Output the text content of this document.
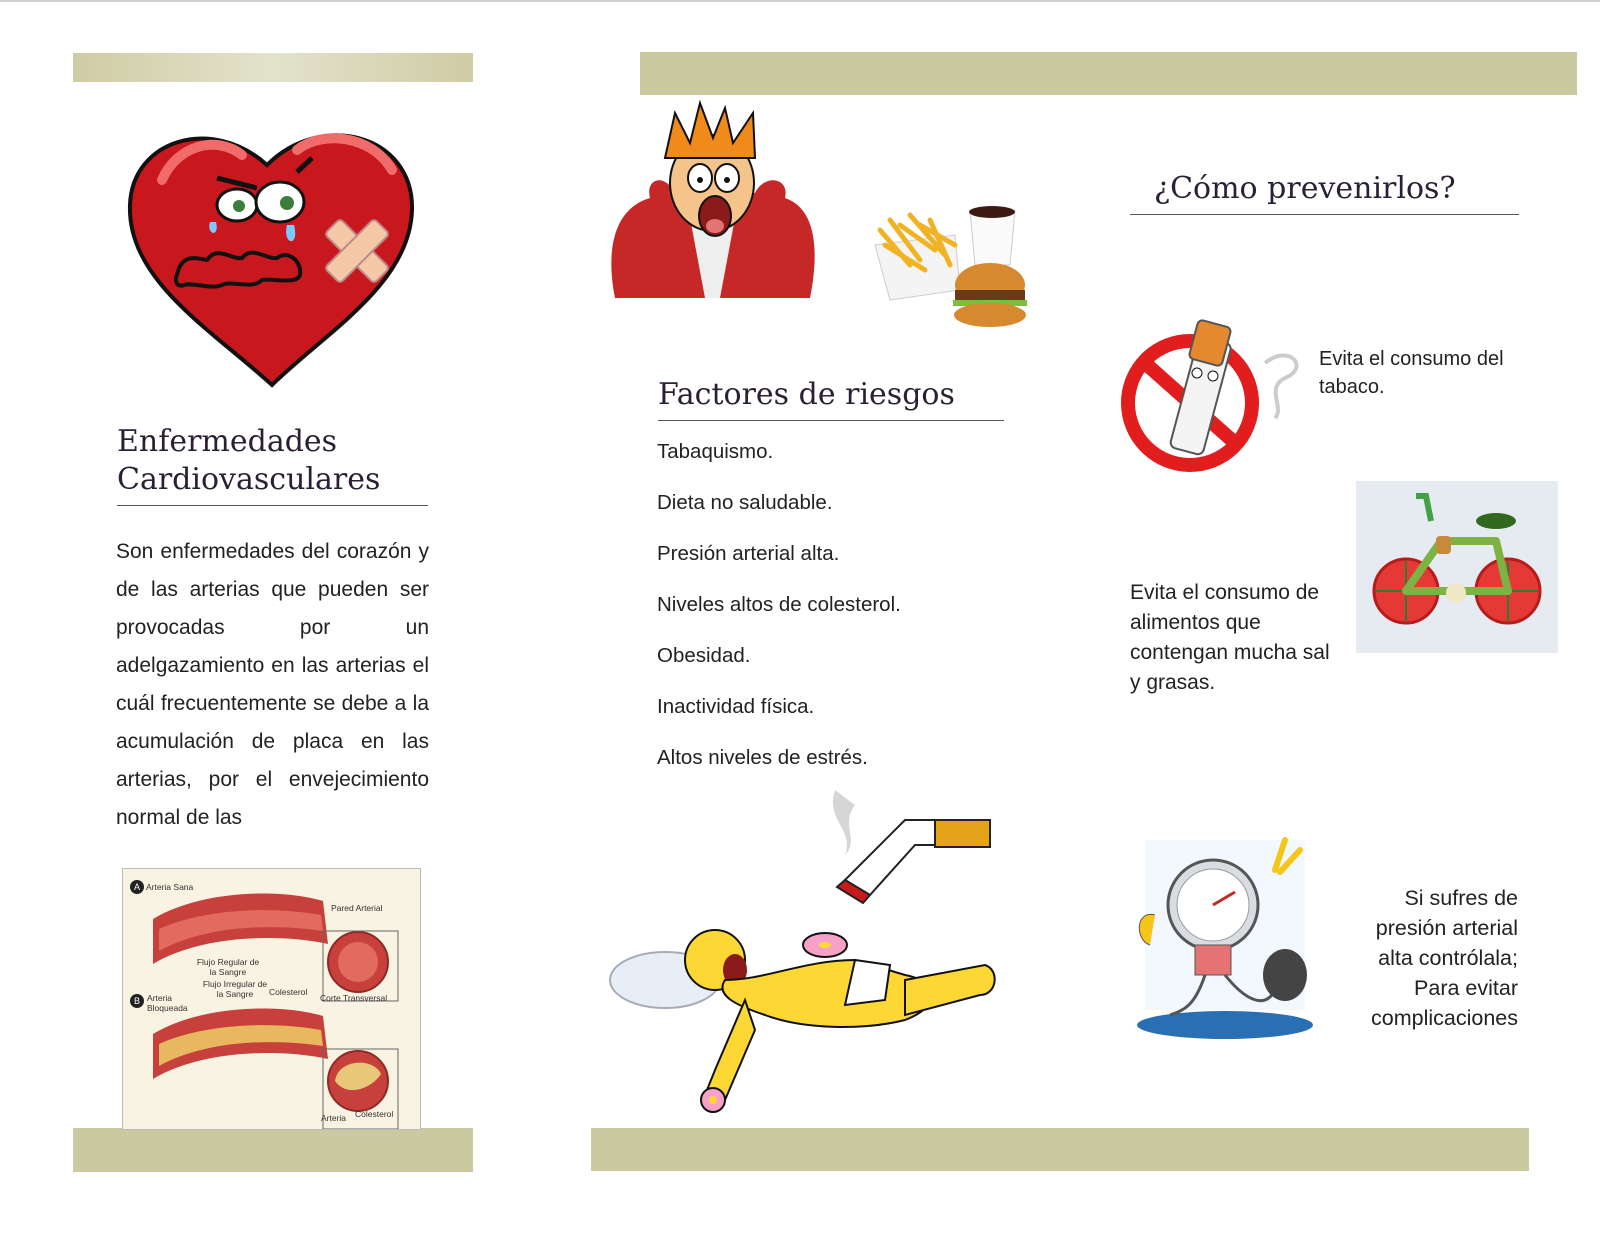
Enfermedades
Cardiovasculares

Son enfermedades del corazón y de las arterias que pueden ser provocadas por un adelgazamiento en las arterias el cuál frecuentemente se debe a la acumulación de placa en las arterias, por el envejecimiento normal de las

A
B
Arteria Sana
Pared Arterial
Flujo Regular de la Sangre
Corte Transversal
Arteria Bloqueada
Flujo Irregular de la Sangre	Colesterol
Arteria Colesterol
Factores de riesgos
Tabaquismo.
Dieta no saludable.
Presión arterial alta.
Niveles altos de colesterol.
Obesidad.
Inactividad física.
Altos niveles de estrés.
¿Cómo prevenirlos?

Evita el consumo del tabaco.

Evita el consumo de alimentos que contengan mucha sal y grasas.

Si sufres de presión arterial alta contrólala; Para evitar complicaciones
